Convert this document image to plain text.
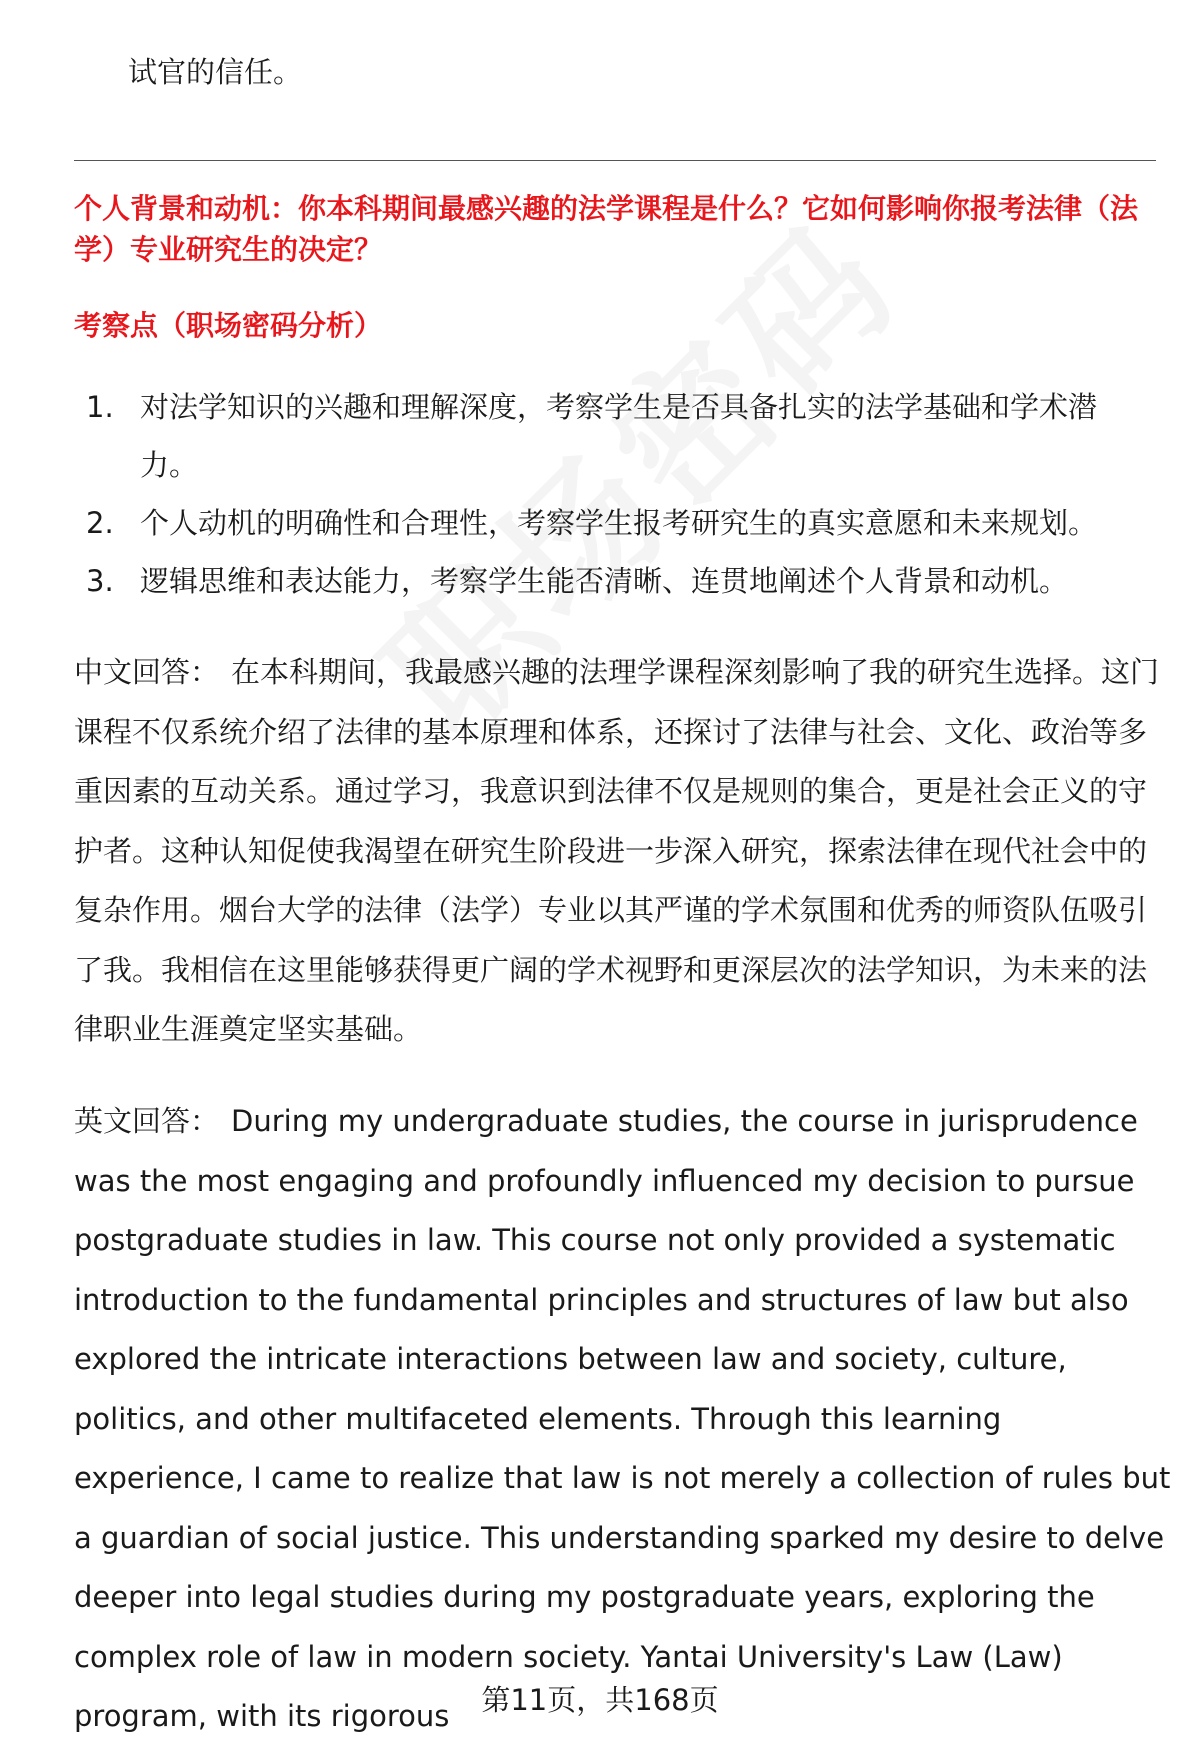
试官的信任。
个人背景和动机：你本科期间最感兴趣的法学课程是什么？它如何影响你报考法律（法学）专业研究生的决定？
考察点（职场密码分析）
1. 对法学知识的兴趣和理解深度，考察学生是否具备扎实的法学基础和学术潜力。
2. 个人动机的明确性和合理性，考察学生报考研究生的真实意愿和未来规划。
3. 逻辑思维和表达能力，考察学生能否清晰、连贯地阐述个人背景和动机。
中文回答： 在本科期间，我最感兴趣的法理学课程深刻影响了我的研究生选择。这门课程不仅系统介绍了法律的基本原理和体系，还探讨了法律与社会、文化、政治等多重因素的互动关系。通过学习，我意识到法律不仅是规则的集合，更是社会正义的守护者。这种认知促使我渴望在研究生阶段进一步深入研究，探索法律在现代社会中的复杂作用。烟台大学的法律（法学）专业以其严谨的学术氛围和优秀的师资队伍吸引了我。我相信在这里能够获得更广阔的学术视野和更深层次的法学知识，为未来的法律职业生涯奠定坚实基础。
英文回答： During my undergraduate studies, the course in jurisprudence was the most engaging and profoundly influenced my decision to pursue postgraduate studies in law. This course not only provided a systematic introduction to the fundamental principles and structures of law but also explored the intricate interactions between law and society, culture, politics, and other multifaceted elements. Through this learning experience, I came to realize that law is not merely a collection of rules but a guardian of social justice. This understanding sparked my desire to delve deeper into legal studies during my postgraduate years, exploring the complex role of law in modern society. Yantai University's Law (Law) program, with its rigorous	第11页，共168页
